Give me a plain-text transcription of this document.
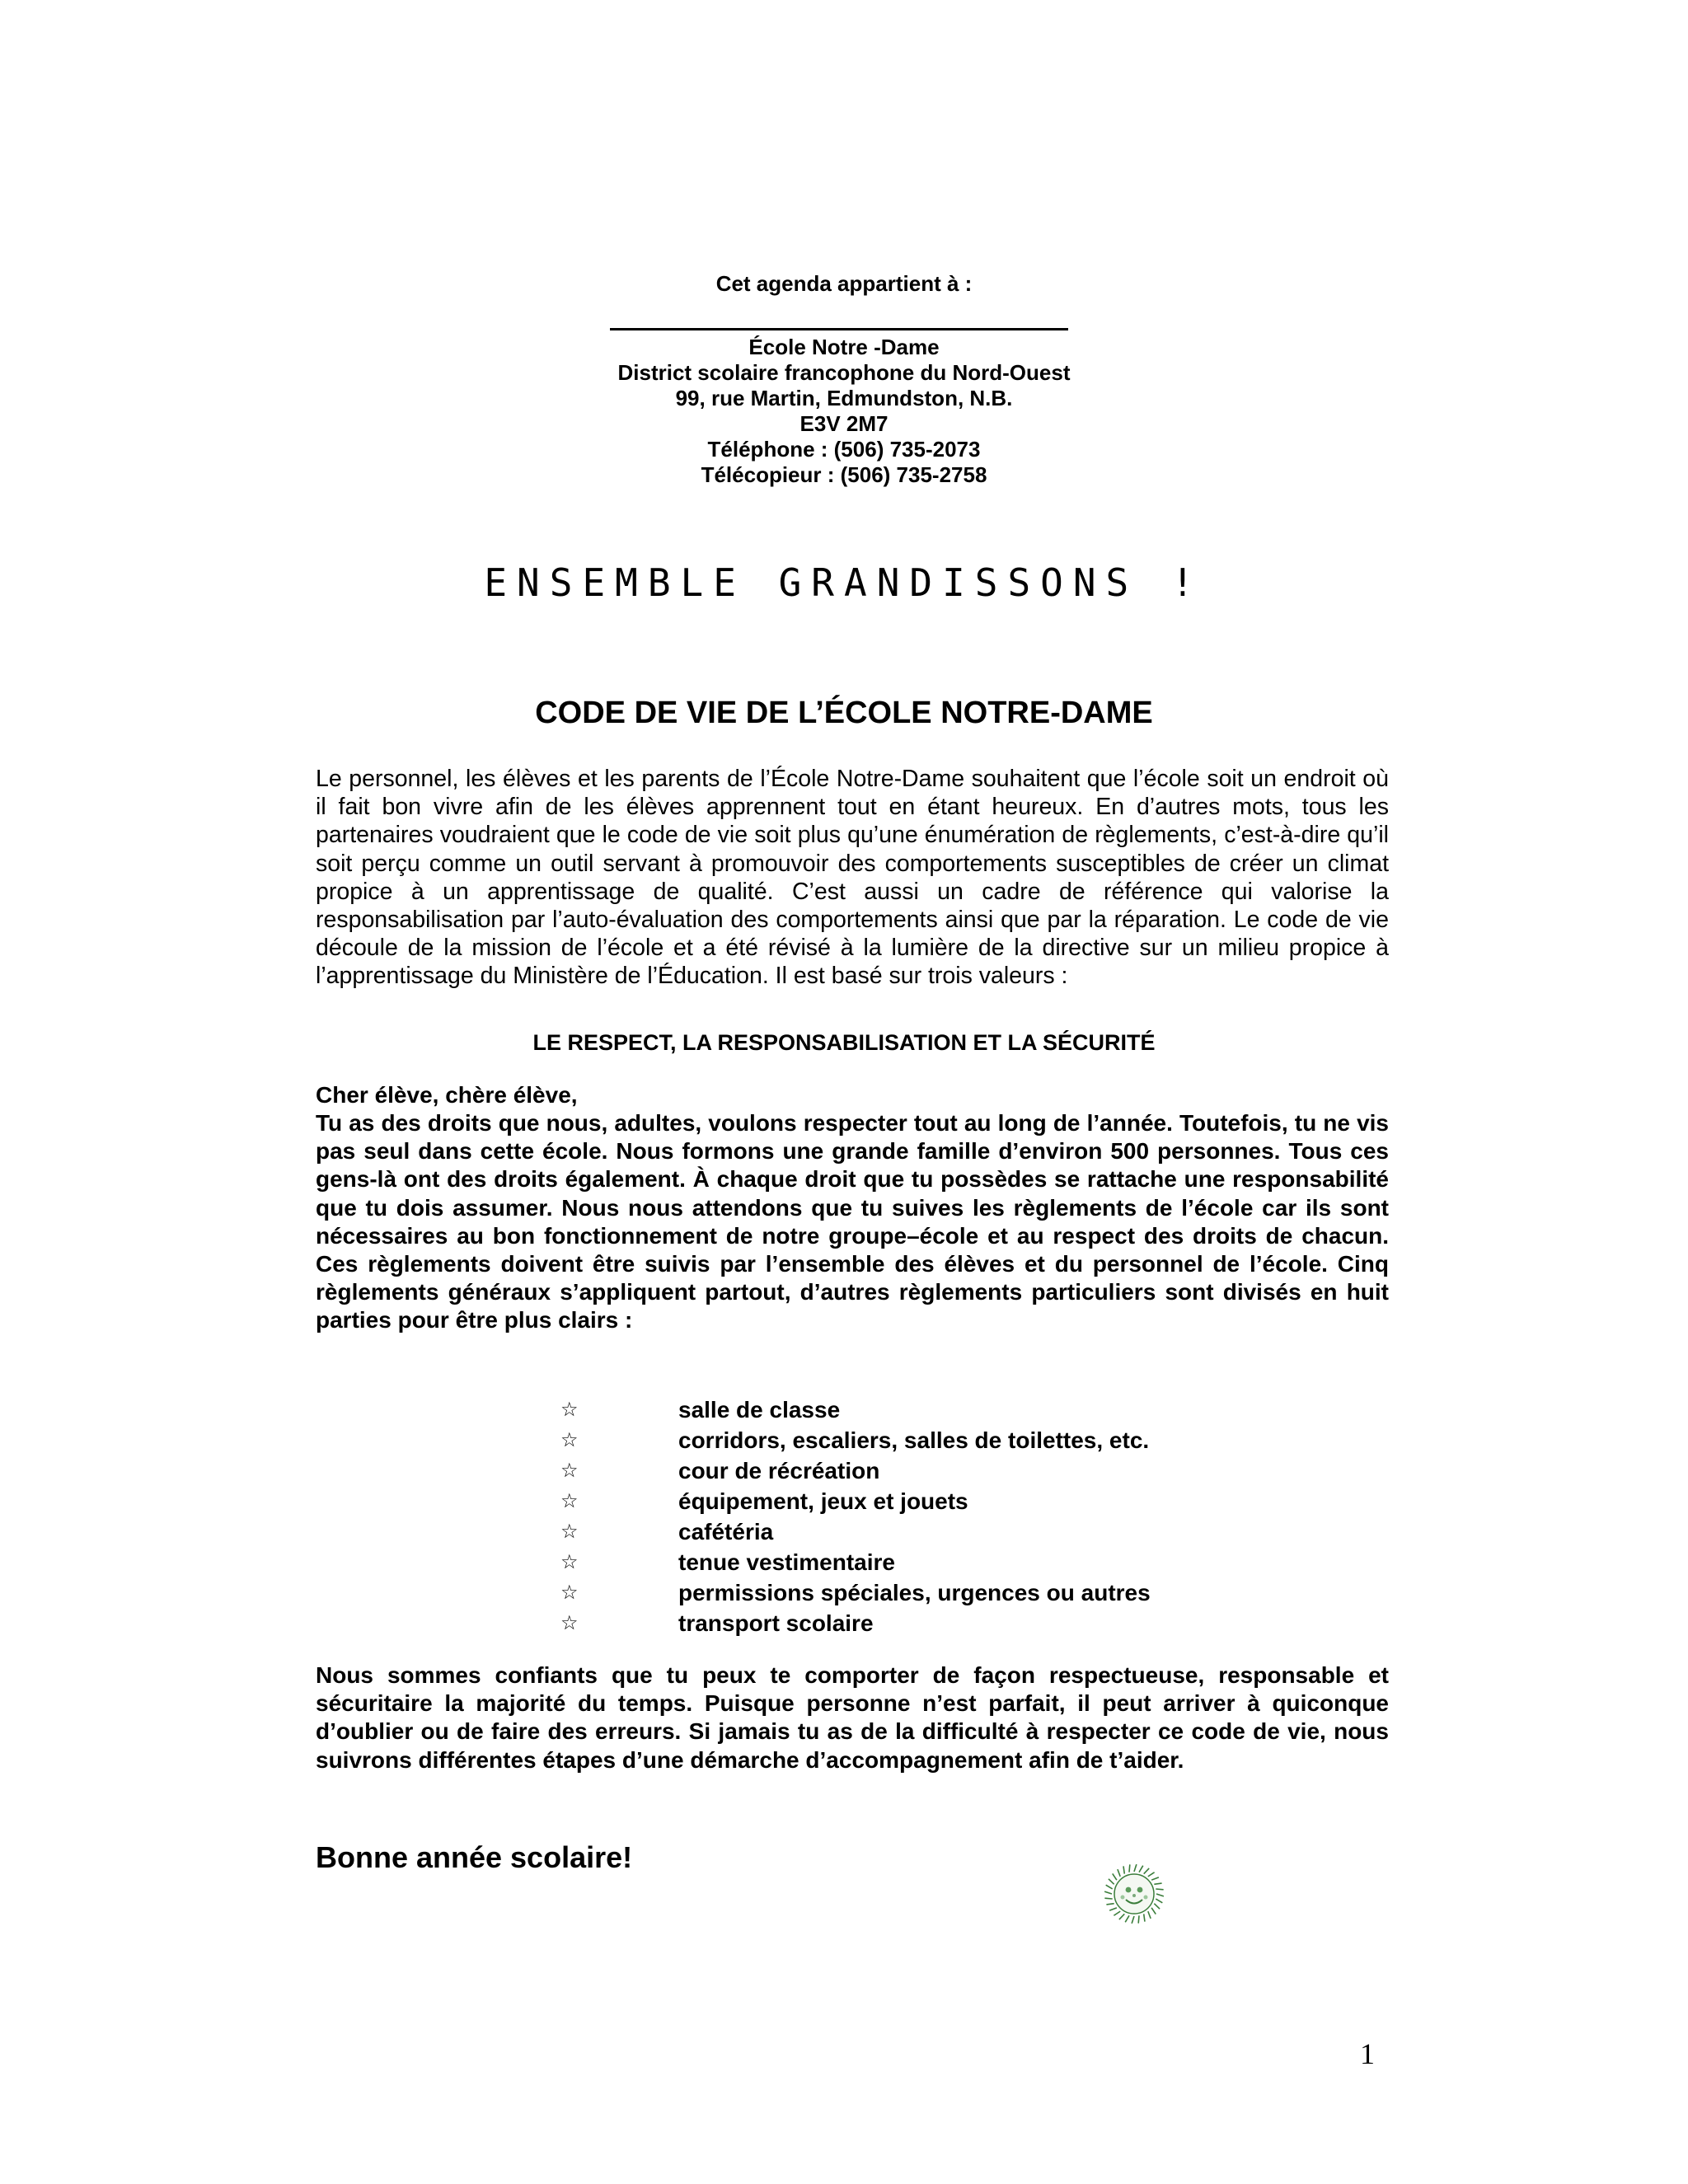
Cet agenda appartient à :
École Notre -Dame
District scolaire francophone du Nord-Ouest
99, rue Martin, Edmundston, N.B.
E3V 2M7
Téléphone : (506) 735-2073
Télécopieur : (506) 735-2758
ENSEMBLE GRANDISSONS !
CODE DE VIE DE L’ÉCOLE NOTRE-DAME

Le personnel, les élèves et les parents de l’École Notre-Dame souhaitent que l’école soit un endroit où il fait bon vivre afin de les élèves apprennent tout en étant heureux. En d’autres mots, tous les partenaires voudraient que le code de vie soit plus qu’une énumération de règlements, c’est-à-dire qu’il soit perçu comme un outil servant à promouvoir des comportements susceptibles de créer un climat propice à un apprentissage de qualité. C’est aussi un cadre de référence qui valorise la responsabilisation par l’auto-évaluation des comportements ainsi que par la réparation. Le code de vie découle de la mission de l’école et a été révisé à la lumière de la directive sur un milieu propice à l’apprentissage du Ministère de l’Éducation. Il est basé sur trois valeurs :

LE RESPECT, LA RESPONSABILISATION ET LA SÉCURITÉ

Cher élève, chère élève,

Tu as des droits que nous, adultes, voulons respecter tout au long de l’année. Toutefois, tu ne vis pas seul dans cette école. Nous formons une grande famille d’environ 500 personnes. Tous ces gens-là ont des droits également. À chaque droit que tu possèdes se rattache une responsabilité que tu dois assumer. Nous nous attendons que tu suives les règlements de l’école car ils sont nécessaires au bon fonctionnement de notre groupe–école et au respect des droits de chacun. Ces règlements doivent être suivis par l’ensemble des élèves et du personnel de l’école. Cinq règlements généraux s’appliquent partout, d’autres règlements particuliers sont divisés en huit parties pour être plus clairs :

☆	salle de classe
☆	corridors, escaliers, salles de toilettes, etc.
☆	cour de récréation
☆	équipement, jeux et jouets
☆	cafétéria
☆	tenue vestimentaire
☆	permissions spéciales, urgences ou autres
☆	transport scolaire

Nous sommes confiants que tu peux te comporter de façon respectueuse, responsable et sécuritaire la majorité du temps. Puisque personne n’est parfait, il peut arriver à quiconque d’oublier ou de faire des erreurs. Si jamais tu as de la difficulté à respecter ce code de vie, nous suivrons différentes étapes d’une démarche d’accompagnement afin de t’aider.

Bonne année scolaire!
1
